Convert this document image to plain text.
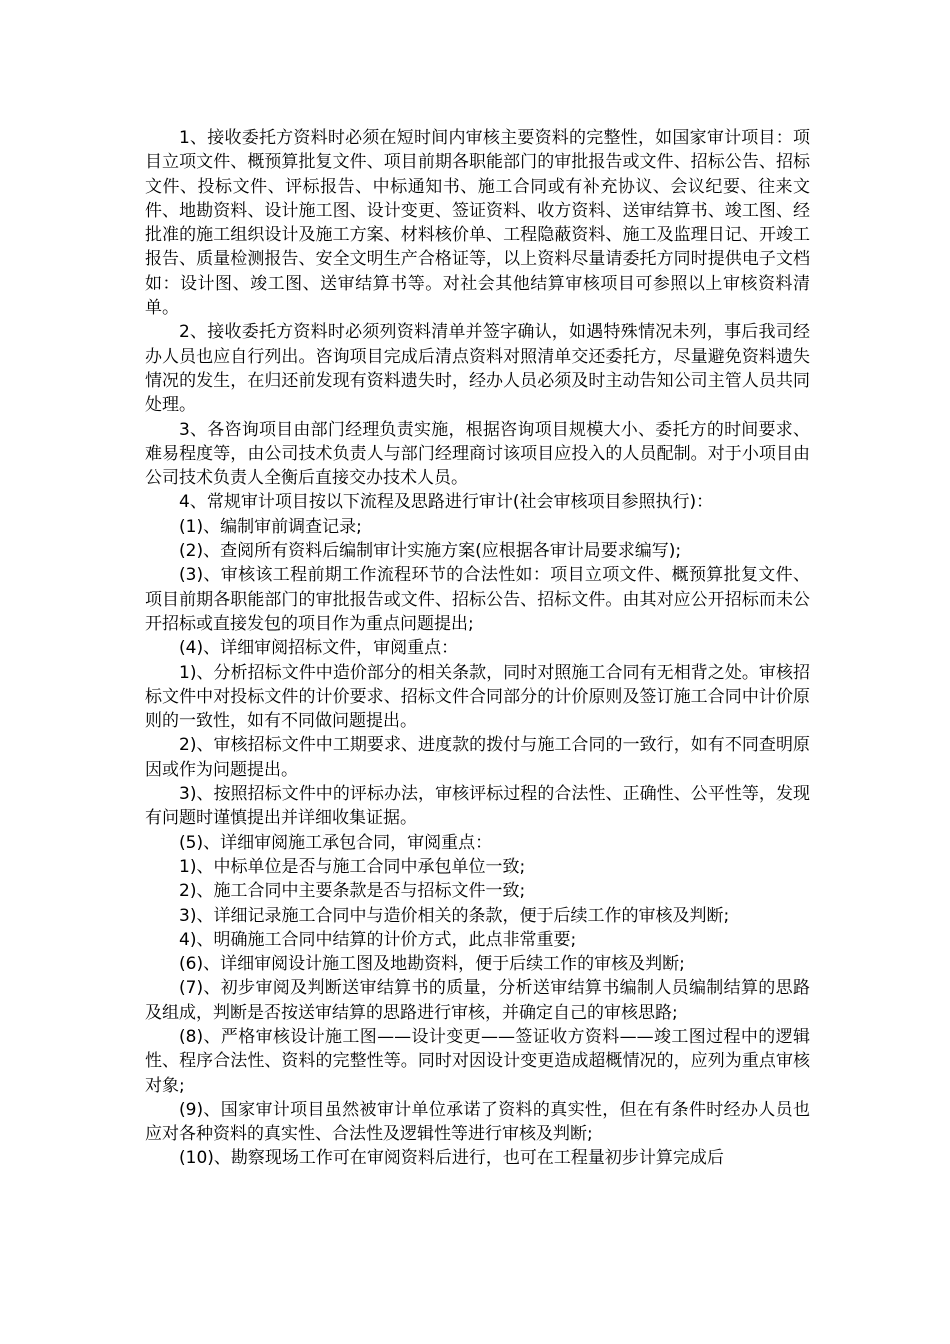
1、接收委托方资料时必须在短时间内审核主要资料的完整性，如国家审计项目：项目立项文件、概预算批复文件、项目前期各职能部门的审批报告或文件、招标公告、招标文件、投标文件、评标报告、中标通知书、施工合同或有补充协议、会议纪要、往来文件、地勘资料、设计施工图、设计变更、签证资料、收方资料、送审结算书、竣工图、经批准的施工组织设计及施工方案、材料核价单、工程隐蔽资料、施工及监理日记、开竣工报告、质量检测报告、安全文明生产合格证等，以上资料尽量请委托方同时提供电子文档如：设计图、竣工图、送审结算书等。对社会其他结算审核项目可参照以上审核资料清单。

2、接收委托方资料时必须列资料清单并签字确认，如遇特殊情况未列，事后我司经办人员也应自行列出。咨询项目完成后清点资料对照清单交还委托方，尽量避免资料遗失情况的发生，在归还前发现有资料遗失时，经办人员必须及时主动告知公司主管人员共同处理。

3、各咨询项目由部门经理负责实施，根据咨询项目规模大小、委托方的时间要求、难易程度等，由公司技术负责人与部门经理商讨该项目应投入的人员配制。对于小项目由公司技术负责人全衡后直接交办技术人员。

4、常规审计项目按以下流程及思路进行审计(社会审核项目参照执行)：

(1)、编制审前调查记录;

(2)、查阅所有资料后编制审计实施方案(应根据各审计局要求编写);

(3)、审核该工程前期工作流程环节的合法性如：项目立项文件、概预算批复文件、项目前期各职能部门的审批报告或文件、招标公告、招标文件。由其对应公开招标而未公开招标或直接发包的项目作为重点问题提出;

(4)、详细审阅招标文件，审阅重点：

1)、分析招标文件中造价部分的相关条款，同时对照施工合同有无相背之处。审核招标文件中对投标文件的计价要求、招标文件合同部分的计价原则及签订施工合同中计价原则的一致性，如有不同做问题提出。

2)、审核招标文件中工期要求、进度款的拨付与施工合同的一致行，如有不同查明原因或作为问题提出。

3)、按照招标文件中的评标办法，审核评标过程的合法性、正确性、公平性等，发现有问题时谨慎提出并详细收集证据。

(5)、详细审阅施工承包合同，审阅重点：

1)、中标单位是否与施工合同中承包单位一致;

2)、施工合同中主要条款是否与招标文件一致;

3)、详细记录施工合同中与造价相关的条款，便于后续工作的审核及判断;

4)、明确施工合同中结算的计价方式，此点非常重要;

(6)、详细审阅设计施工图及地勘资料，便于后续工作的审核及判断;

(7)、初步审阅及判断送审结算书的质量，分析送审结算书编制人员编制结算的思路及组成，判断是否按送审结算的思路进行审核，并确定自己的审核思路;

(8)、严格审核设计施工图——设计变更——签证收方资料——竣工图过程中的逻辑性、程序合法性、资料的完整性等。同时对因设计变更造成超概情况的，应列为重点审核对象;

(9)、国家审计项目虽然被审计单位承诺了资料的真实性，但在有条件时经办人员也应对各种资料的真实性、合法性及逻辑性等进行审核及判断;

(10)、勘察现场工作可在审阅资料后进行，也可在工程量初步计算完成后
